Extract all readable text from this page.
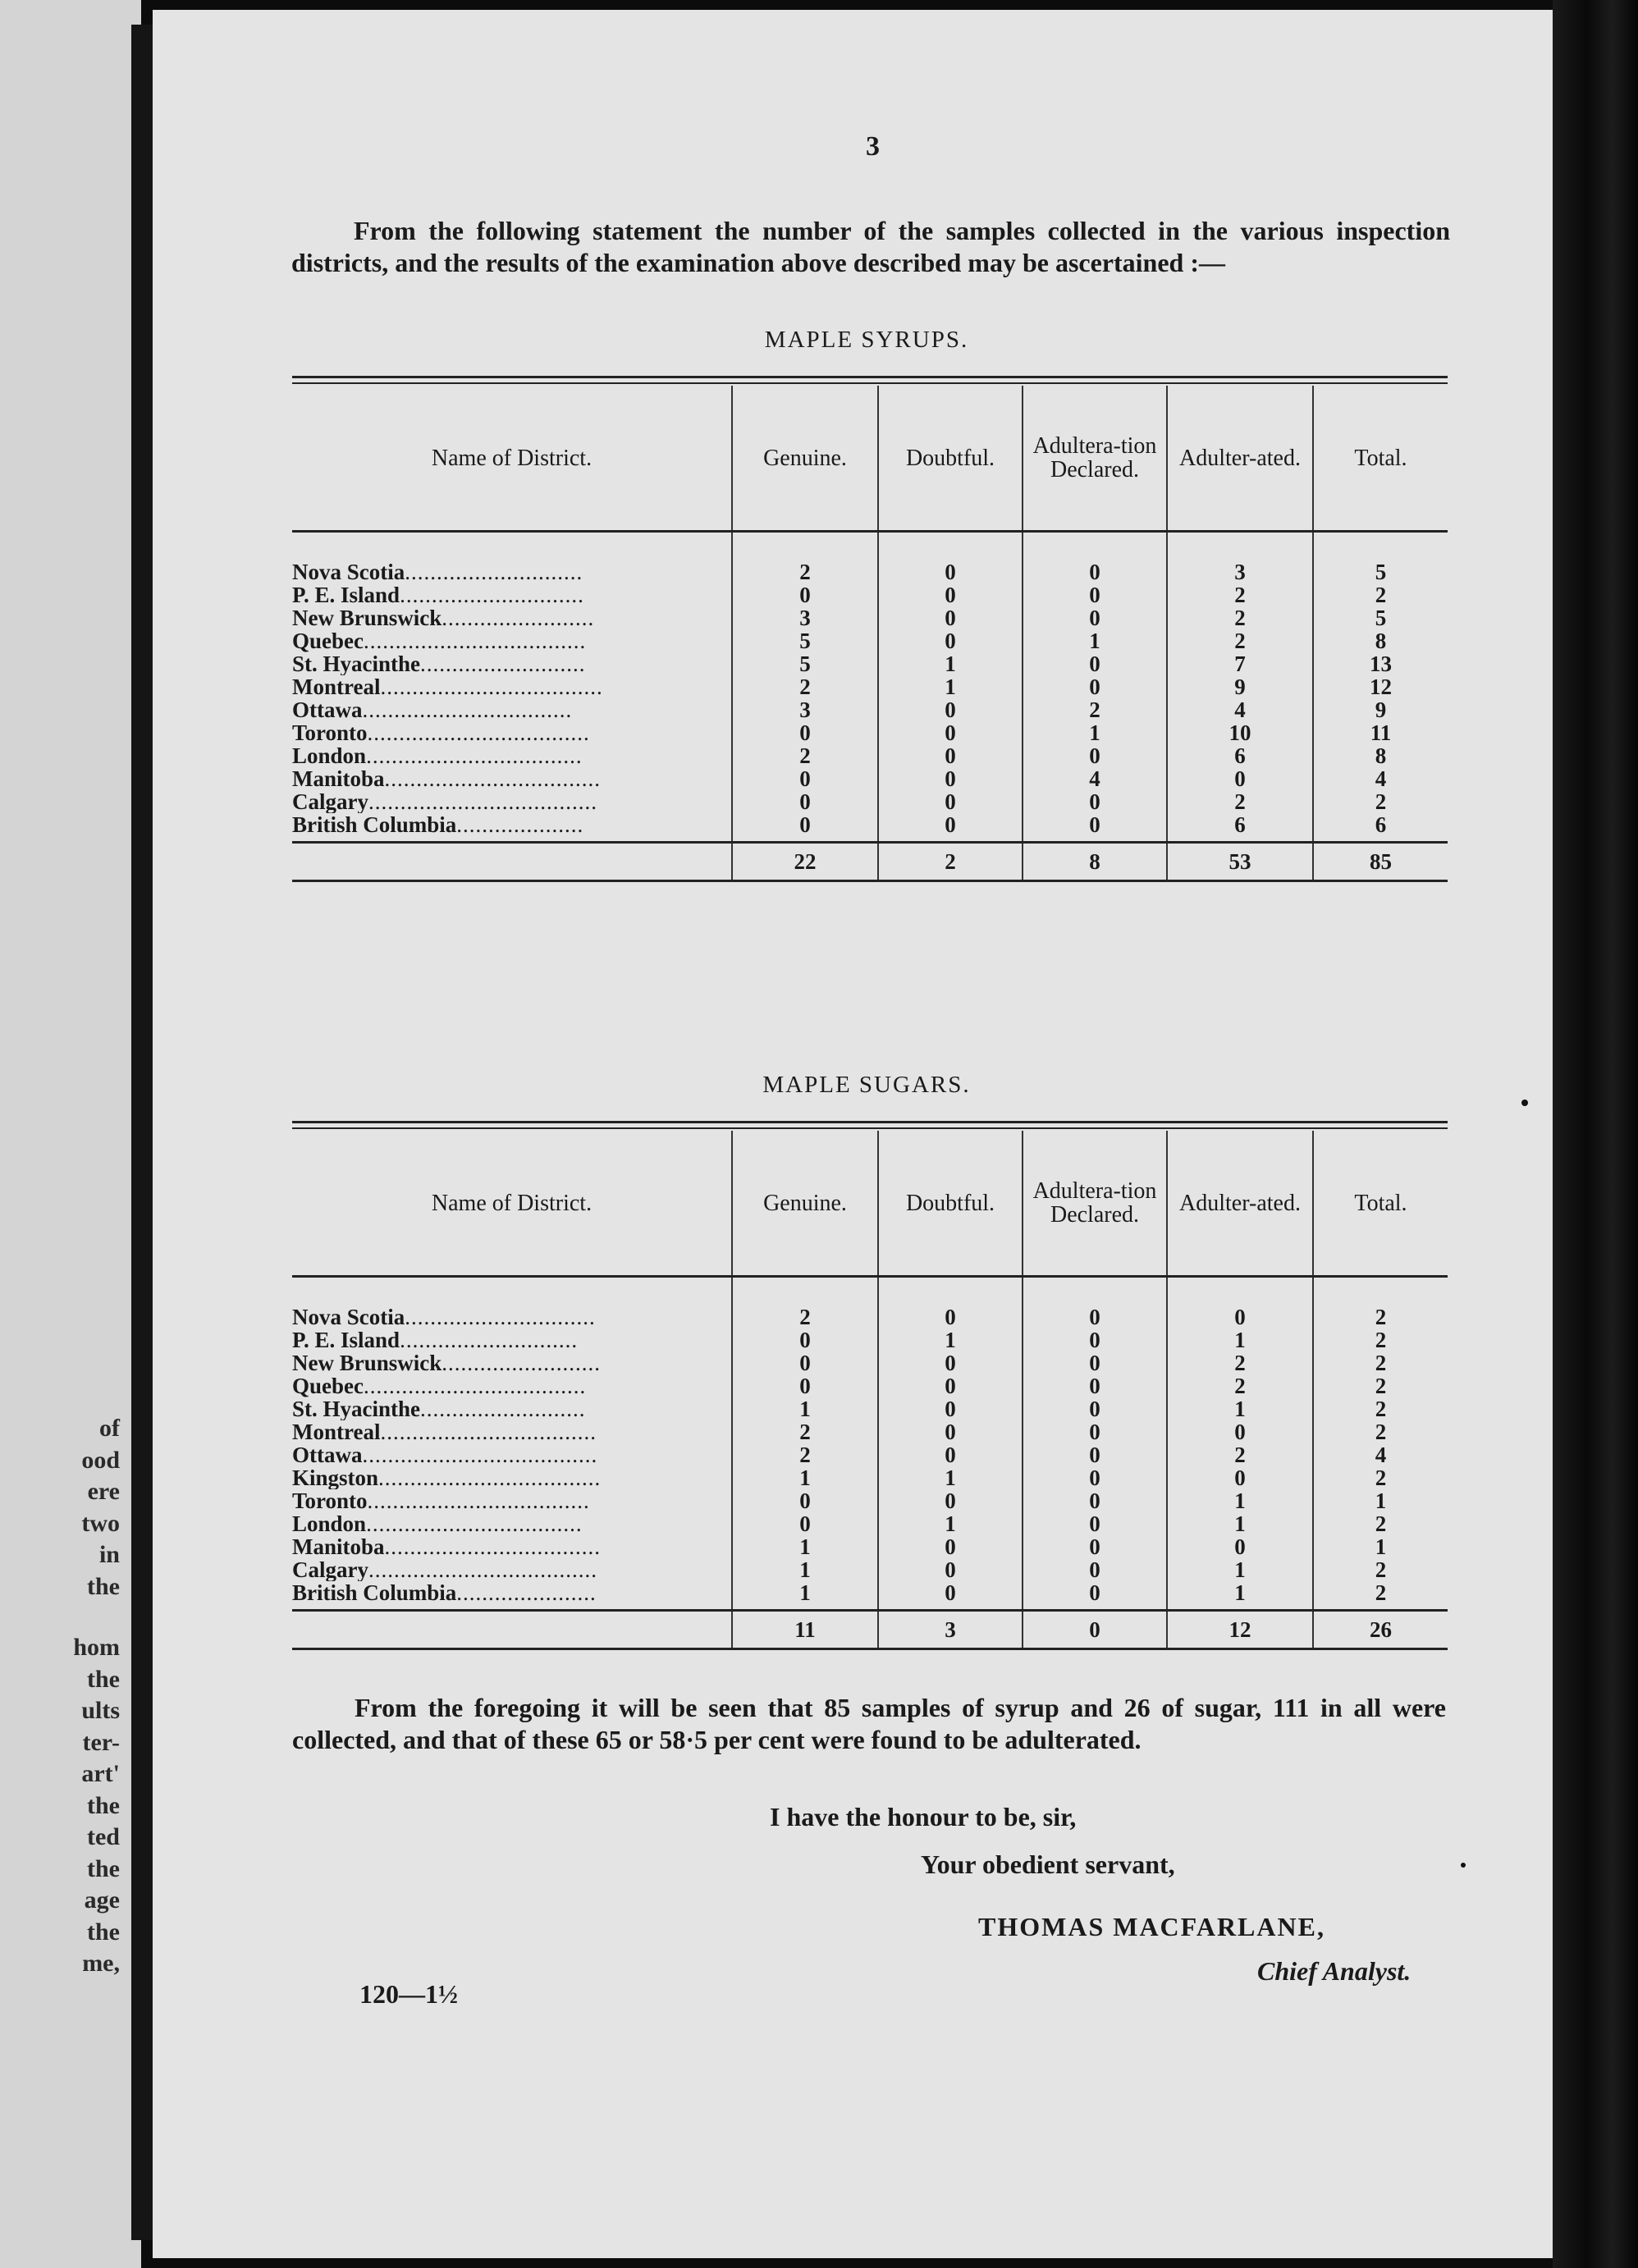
of
ood
ere
two
in
the
hom
the
ults
ter-
art'
the
ted
the
age
the
me,
3
From the following statement the number of the samples collected in the various inspection districts, and the results of the examination above described may be ascertained :—
MAPLE SYRUPS.
Name of District.	Genuine.	Doubtful.	Adultera-tion Declared.	Adulter-ated.	Total.

Nova Scotia............................	2	0	0	3	5
P. E. Island.............................	0	0	0	2	2
New Brunswick........................	3	0	0	2	5
Quebec...................................	5	0	1	2	8
St. Hyacinthe..........................	5	1	0	7	13
Montreal...................................	2	1	0	9	12
Ottawa.................................	3	0	2	4	9
Toronto...................................	0	0	1	10	11
London..................................	2	0	0	6	8
Manitoba..................................	0	0	4	0	4
Calgary....................................	0	0	0	2	2
British Columbia....................	0	0	0	6	6
	22	2	8	53	85
MAPLE SUGARS.
Name of District.	Genuine.	Doubtful.	Adultera-tion Declared.	Adulter-ated.	Total.

Nova Scotia..............................	2	0	0	0	2
P. E. Island............................	0	1	0	1	2
New Brunswick.........................	0	0	0	2	2
Quebec...................................	0	0	0	2	2
St. Hyacinthe..........................	1	0	0	1	2
Montreal..................................	2	0	0	0	2
Ottawa.....................................	2	0	0	2	4
Kingston...................................	1	1	0	0	2
Toronto...................................	0	0	0	1	1
London..................................	0	1	0	1	2
Manitoba..................................	1	0	0	0	1
Calgary....................................	1	0	0	1	2
British Columbia......................	1	0	0	1	2
	11	3	0	12	26
From the foregoing it will be seen that 85 samples of syrup and 26 of sugar, 111 in all were collected, and that of these 65 or 58·5 per cent were found to be adulterated.
I have the honour to be, sir,
Your obedient servant,
THOMAS MACFARLANE,
Chief Analyst.
120—1½
